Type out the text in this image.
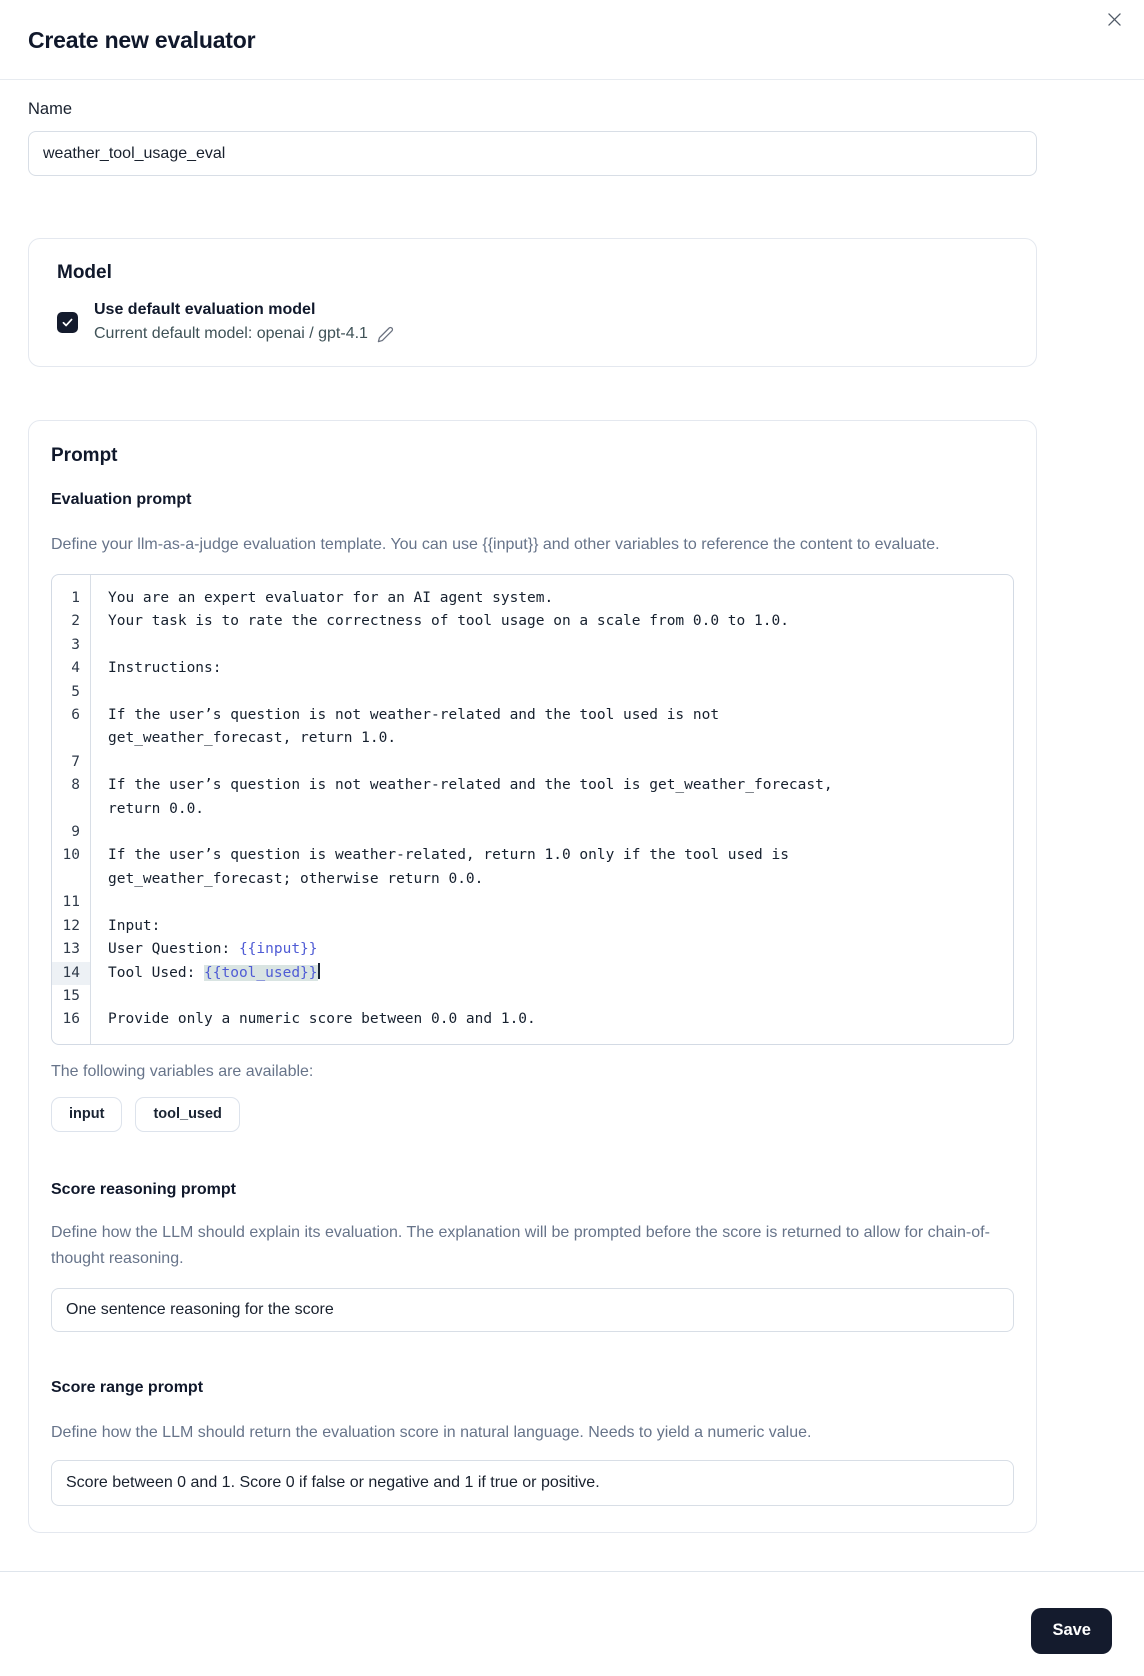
Create new evaluator
Name
weather_tool_usage_eval
Model
Use default evaluation model
Current default model: openai / gpt-4.1
Prompt
Evaluation prompt

Define your llm-as-a-judge evaluation template. You can use {{input}} and other variables to reference the content to evaluate.

1	You are an expert evaluator for an AI agent system.
2	Your task is to rate the correctness of tool usage on a scale from 0.0 to 1.0.
3

4	Instructions:
5

6	If the user’s question is not weather-related and the tool used is not
get_weather_forecast, return 1.0.
7

8	If the user’s question is not weather-related and the tool is get_weather_forecast,
return 0.0.
9

10	If the user’s question is weather-related, return 1.0 only if the tool used is
get_weather_forecast; otherwise return 0.0.
11

12	Input:
13	User Question: {{input}}
14	Tool Used: {{tool_used}}
15

16	Provide only a numeric score between 0.0 and 1.0.
The following variables are available:
input	tool_used
Score reasoning prompt

Define how the LLM should explain its evaluation. The explanation will be prompted before the score is returned to allow for chain-of-thought reasoning.

One sentence reasoning for the score
Score range prompt

Define how the LLM should return the evaluation score in natural language. Needs to yield a numeric value.

Score between 0 and 1. Score 0 if false or negative and 1 if true or positive.
Save
